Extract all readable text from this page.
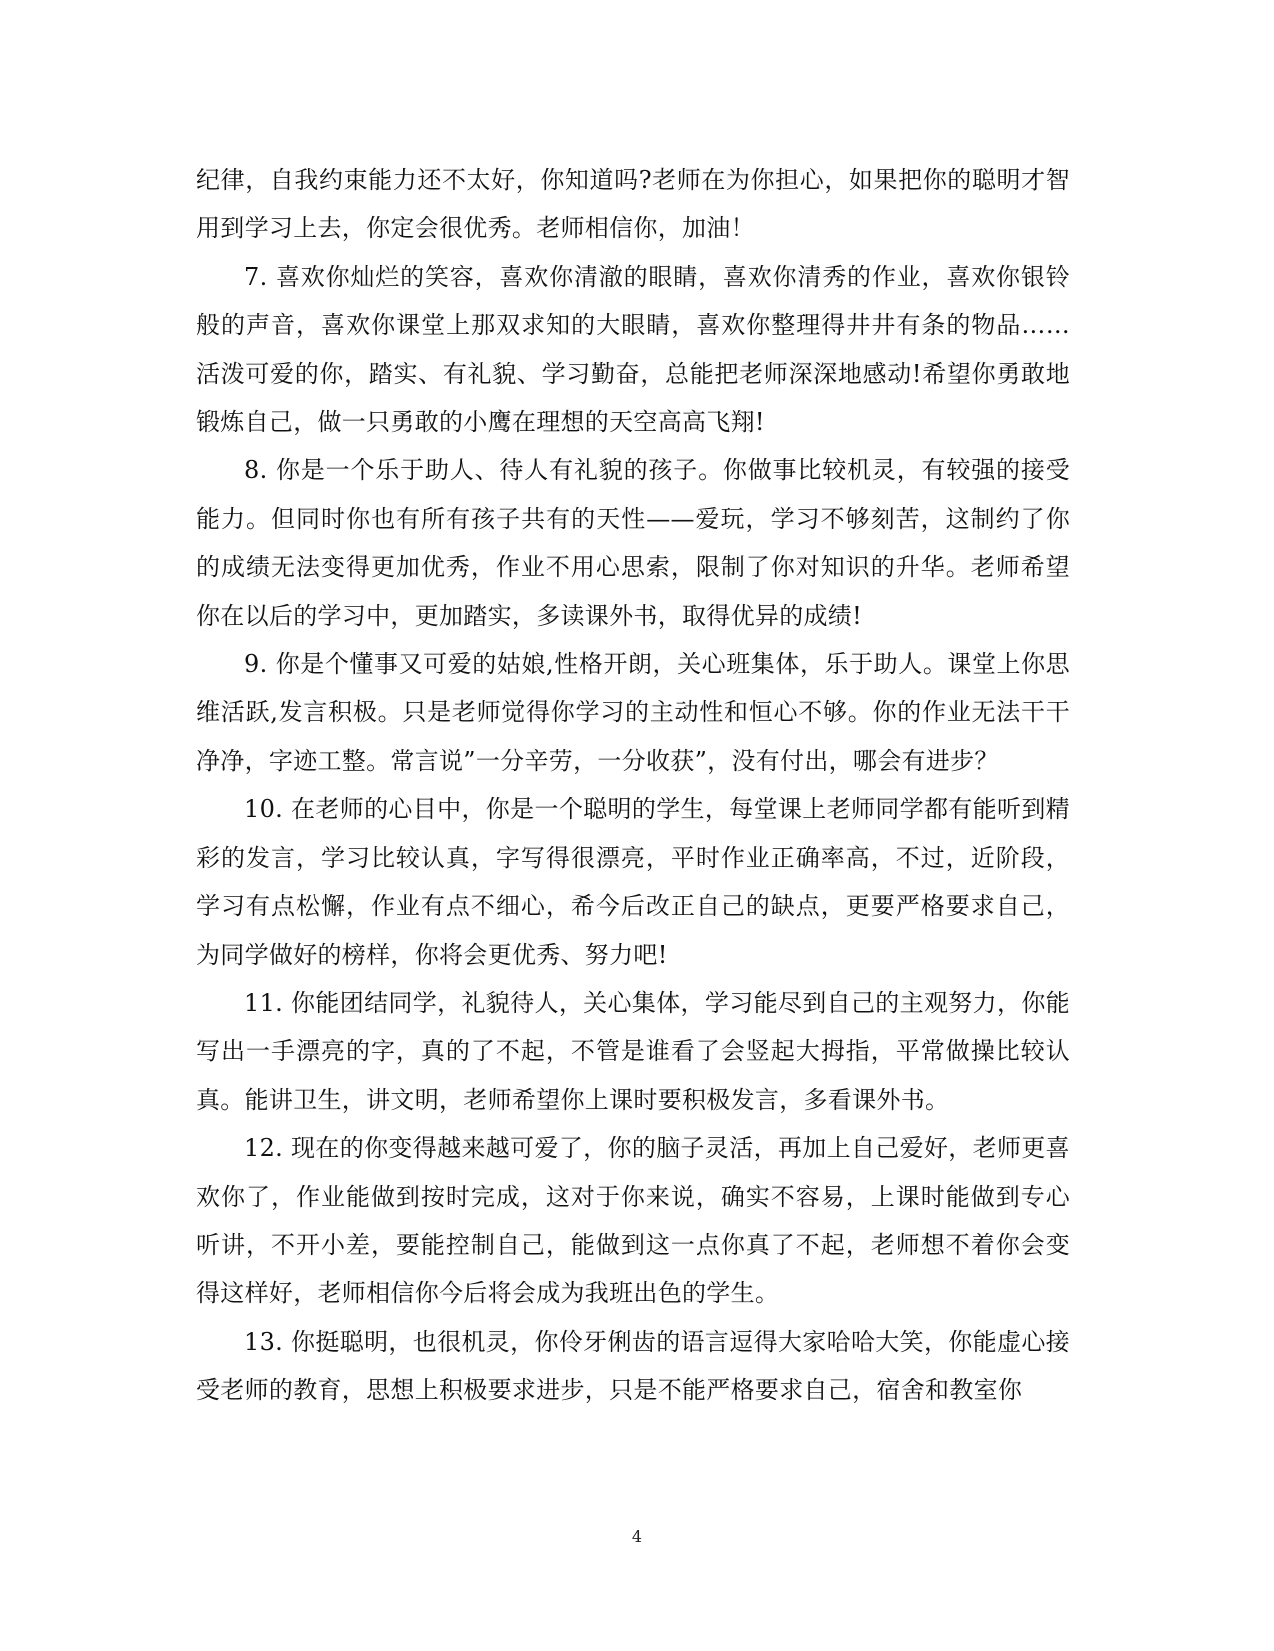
纪律，自我约束能力还不太好，你知道吗?老师在为你担心，如果把你的聪明才智用到学习上去，你定会很优秀。老师相信你，加油！

7. 喜欢你灿烂的笑容，喜欢你清澈的眼睛，喜欢你清秀的作业，喜欢你银铃般的声音，喜欢你课堂上那双求知的大眼睛，喜欢你整理得井井有条的物品……活泼可爱的你，踏实、有礼貌、学习勤奋，总能把老师深深地感动!希望你勇敢地锻炼自己，做一只勇敢的小鹰在理想的天空高高飞翔!

8. 你是一个乐于助人、待人有礼貌的孩子。你做事比较机灵，有较强的接受能力。但同时你也有所有孩子共有的天性——爱玩，学习不够刻苦，这制约了你的成绩无法变得更加优秀，作业不用心思索，限制了你对知识的升华。老师希望你在以后的学习中，更加踏实，多读课外书，取得优异的成绩!

9. 你是个懂事又可爱的姑娘,性格开朗，关心班集体，乐于助人。课堂上你思维活跃,发言积极。只是老师觉得你学习的主动性和恒心不够。你的作业无法干干净净，字迹工整。常言说”一分辛劳，一分收获”，没有付出，哪会有进步？

10. 在老师的心目中，你是一个聪明的学生，每堂课上老师同学都有能听到精彩的发言，学习比较认真，字写得很漂亮，平时作业正确率高，不过，近阶段，学习有点松懈，作业有点不细心，希今后改正自己的缺点，更要严格要求自己，为同学做好的榜样，你将会更优秀、努力吧!

11. 你能团结同学，礼貌待人，关心集体，学习能尽到自己的主观努力，你能写出一手漂亮的字，真的了不起，不管是谁看了会竖起大拇指，平常做操比较认真。能讲卫生，讲文明，老师希望你上课时要积极发言，多看课外书。

12. 现在的你变得越来越可爱了，你的脑子灵活，再加上自己爱好，老师更喜欢你了，作业能做到按时完成，这对于你来说，确实不容易，上课时能做到专心听讲，不开小差，要能控制自己，能做到这一点你真了不起，老师想不着你会变得这样好，老师相信你今后将会成为我班出色的学生。

13. 你挺聪明，也很机灵，你伶牙俐齿的语言逗得大家哈哈大笑，你能虚心接受老师的教育，思想上积极要求进步，只是不能严格要求自己，宿舍和教室你

4
